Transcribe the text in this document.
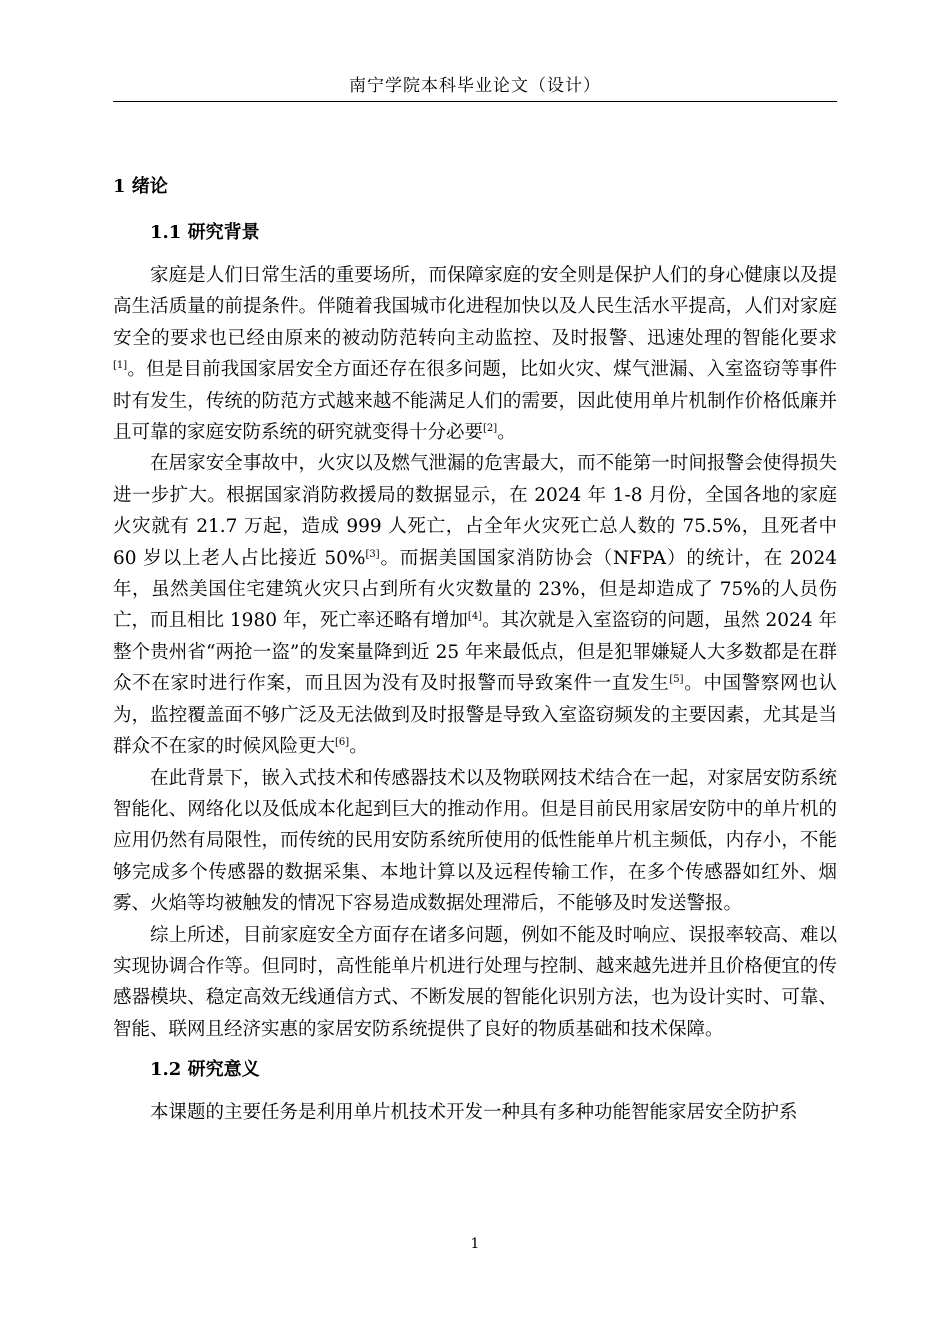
南宁学院本科毕业论文（设计）
1 绪论
1.1 研究背景

家庭是人们日常生活的重要场所，而保障家庭的安全则是保护人们的身心健康以及提高生活质量的前提条件。伴随着我国城市化进程加快以及人民生活水平提高，人们对家庭安全的要求也已经由原来的被动防范转向主动监控、及时报警、迅速处理的智能化要求[1]。但是目前我国家居安全方面还存在很多问题，比如火灾、煤气泄漏、入室盗窃等事件时有发生，传统的防范方式越来越不能满足人们的需要，因此使用单片机制作价格低廉并且可靠的家庭安防系统的研究就变得十分必要[2]。

在居家安全事故中，火灾以及燃气泄漏的危害最大，而不能第一时间报警会使得损失进一步扩大。根据国家消防救援局的数据显示，在 2024 年 1-8 月份，全国各地的家庭火灾就有 21.7 万起，造成 999 人死亡，占全年火灾死亡总人数的 75.5%，且死者中 60 岁以上老人占比接近 50%[3]。而据美国国家消防协会（NFPA）的统计，在 2024 年，虽然美国住宅建筑火灾只占到所有火灾数量的 23%，但是却造成了 75%的人员伤亡，而且相比 1980 年，死亡率还略有增加[4]。其次就是入室盗窃的问题，虽然 2024 年整个贵州省“两抢一盗”的发案量降到近 25 年来最低点，但是犯罪嫌疑人大多数都是在群众不在家时进行作案，而且因为没有及时报警而导致案件一直发生[5]。中国警察网也认为，监控覆盖面不够广泛及无法做到及时报警是导致入室盗窃频发的主要因素，尤其是当群众不在家的时候风险更大[6]。

在此背景下，嵌入式技术和传感器技术以及物联网技术结合在一起，对家居安防系统智能化、网络化以及低成本化起到巨大的推动作用。但是目前民用家居安防中的单片机的应用仍然有局限性，而传统的民用安防系统所使用的低性能单片机主频低，内存小，不能够完成多个传感器的数据采集、本地计算以及远程传输工作，在多个传感器如红外、烟雾、火焰等均被触发的情况下容易造成数据处理滞后，不能够及时发送警报。

综上所述，目前家庭安全方面存在诸多问题，例如不能及时响应、误报率较高、难以实现协调合作等。但同时，高性能单片机进行处理与控制、越来越先进并且价格便宜的传感器模块、稳定高效无线通信方式、不断发展的智能化识别方法，也为设计实时、可靠、智能、联网且经济实惠的家居安防系统提供了良好的物质基础和技术保障。

1.2 研究意义

本课题的主要任务是利用单片机技术开发一种具有多种功能智能家居安全防护系

1
